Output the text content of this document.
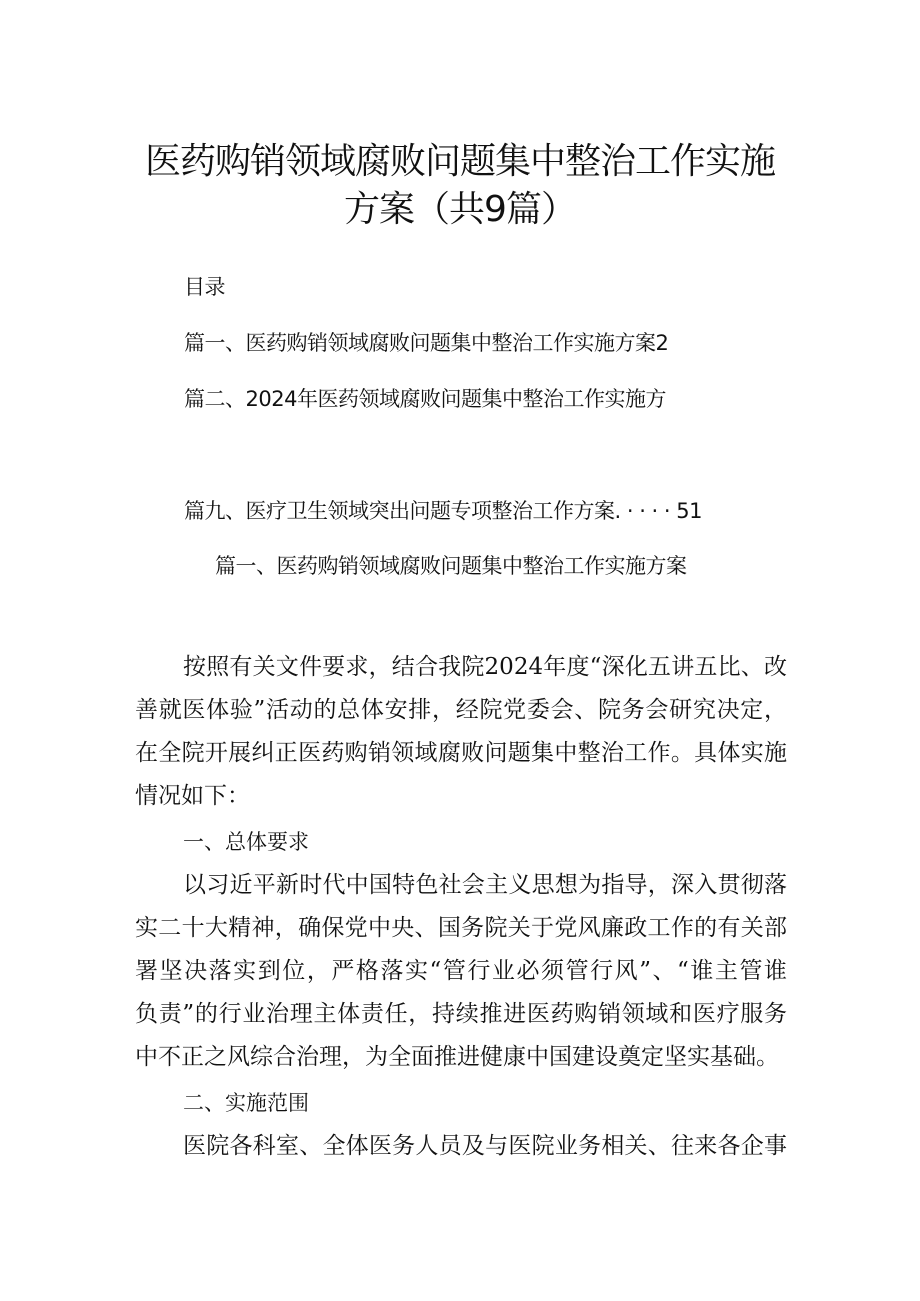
医药购销领域腐败问题集中整治工作实施
方案（共9篇）
目录
篇一、医药购销领域腐败问题集中整治工作实施方案2
篇二、2024年医药领域腐败问题集中整治工作实施方
篇九、医疗卫生领域突出问题专项整治工作方案. · · · · 51
篇一、医药购销领域腐败问题集中整治工作实施方案
按照有关文件要求，结合我院2024年度“深化五讲五比、改
善就医体验”活动的总体安排，经院党委会、院务会研究决定，
在全院开展纠正医药购销领域腐败问题集中整治工作。具体实施
情况如下：
一、总体要求
以习近平新时代中国特色社会主义思想为指导，深入贯彻落
实二十大精神，确保党中央、国务院关于党风廉政工作的有关部
署坚决落实到位，严格落实“管行业必须管行风”、“谁主管谁
负责”的行业治理主体责任，持续推进医药购销领域和医疗服务
中不正之风综合治理，为全面推进健康中国建设奠定坚实基础。
二、实施范围
医院各科室、全体医务人员及与医院业务相关、往来各企事
